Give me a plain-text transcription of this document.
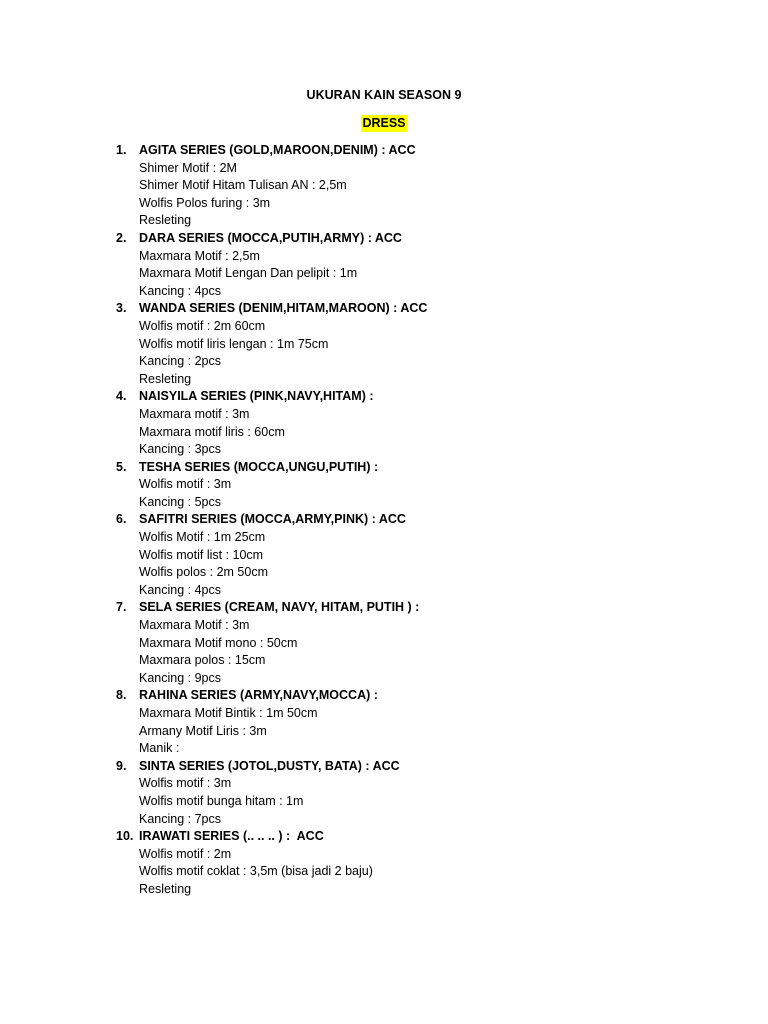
UKURAN KAIN SEASON 9
DRESS
1. AGITA SERIES (GOLD,MAROON,DENIM) : ACC
Shimer Motif : 2M
Shimer Motif Hitam Tulisan AN : 2,5m
Wolfis Polos furing : 3m
Resleting
2. DARA SERIES (MOCCA,PUTIH,ARMY) : ACC
Maxmara Motif : 2,5m
Maxmara Motif Lengan Dan pelipit : 1m
Kancing : 4pcs
3. WANDA SERIES (DENIM,HITAM,MAROON) : ACC
Wolfis motif : 2m 60cm
Wolfis motif liris lengan : 1m 75cm
Kancing : 2pcs
Resleting
4. NAISYILA SERIES (PINK,NAVY,HITAM) :
Maxmara motif : 3m
Maxmara motif liris : 60cm
Kancing : 3pcs
5. TESHA SERIES (MOCCA,UNGU,PUTIH) :
Wolfis motif : 3m
Kancing : 5pcs
6. SAFITRI SERIES (MOCCA,ARMY,PINK) : ACC
Wolfis Motif : 1m 25cm
Wolfis motif list : 10cm
Wolfis polos : 2m 50cm
Kancing : 4pcs
7. SELA SERIES (CREAM, NAVY, HITAM, PUTIH ) :
Maxmara Motif : 3m
Maxmara Motif mono : 50cm
Maxmara polos : 15cm
Kancing : 9pcs
8. RAHINA SERIES (ARMY,NAVY,MOCCA) :
Maxmara Motif Bintik : 1m 50cm
Armany Motif Liris : 3m
Manik :
9. SINTA SERIES (JOTOL,DUSTY, BATA) : ACC
Wolfis motif : 3m
Wolfis motif bunga hitam : 1m
Kancing : 7pcs
10. IRAWATI SERIES (.. .. .. ) :  ACC
Wolfis motif : 2m
Wolfis motif coklat : 3,5m (bisa jadi 2 baju)
Resleting
